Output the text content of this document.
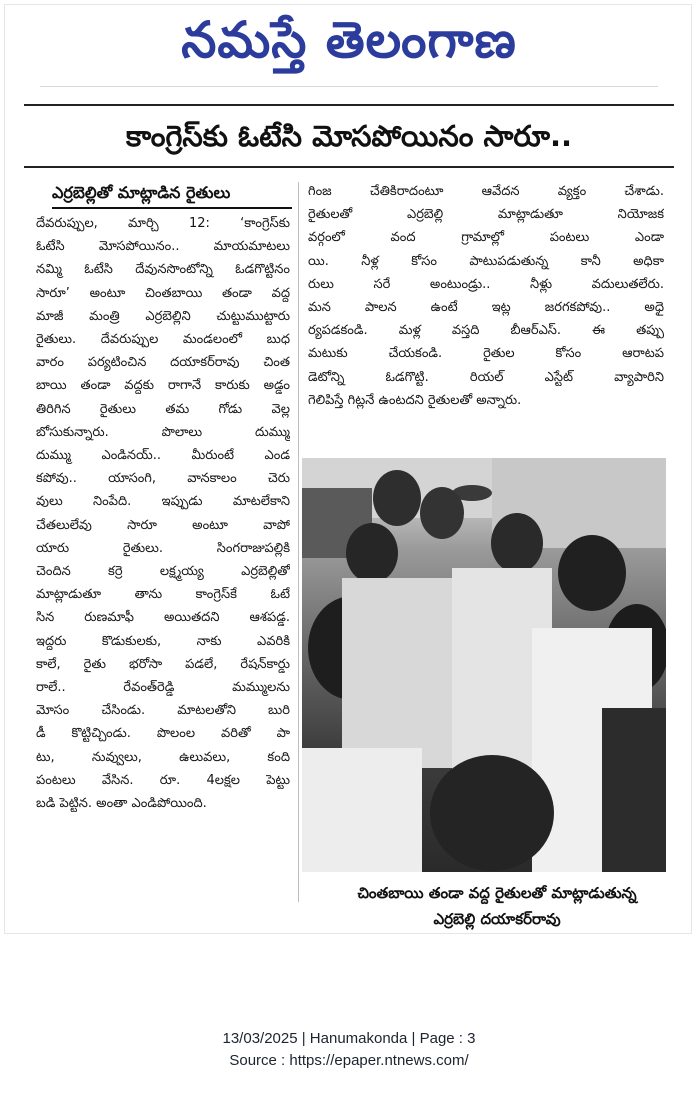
నమస్తే తెలంగాణ
కాంగ్రెస్‌కు ఓటేసి మోసపోయినం సారూ..
ఎర్రబెల్లితో మాట్లాడిన రైతులు
దేవరుప్పుల, మార్చి 12: ‘కాంగ్రెస్‌కు
ఓటేసి మోసపోయినం.. మాయమాటలు
నమ్మి ఓటేసి దేవునసొంటోన్ని ఓడగొట్టినం
సారూ’ అంటూ చింతబాయి తండా వద్ద
మాజీ మంత్రి ఎర్రబెల్లిని చుట్టుముట్టారు
రైతులు. దేవరుప్పుల మండలంలో బుధ
వారం పర్యటించిన దయాకర్‌రావు చింత
బాయి తండా వద్దకు రాగానే కారుకు అడ్డం
తిరిగిన రైతులు తమ గోడు వెల్ల
బోసుకున్నారు. పొలాలు దుమ్ము
దుమ్ము ఎండినయ్.. మీరుంటే ఎండ
కపోవు.. యాసంగి, వానకాలం చెరు
వులు నింపేది. ఇప్పుడు మాటలేకాని
చేతలులేవు సారూ అంటూ వాపో
యారు రైతులు. సింగరాజుపల్లికి
చెందిన కర్రె లక్ష్మయ్య ఎర్రబెల్లితో
మాట్లాడుతూ తాను కాంగ్రెస్‌కే ఓటే
సిన రుణమాఫీ అయితదని ఆశపడ్డ.
ఇద్దరు కొడుకులకు, నాకు ఎవరికి
కాలే, రైతు భరోసా పడలే, రేషన్‌కార్డు
రాలే.. రేవంత్‌రెడ్డి మమ్ములను
మోసం చేసిండు. మాటలతోని బురి
డీ కొట్టిచ్చిండు. పొలంల వరితో పా
టు, నువ్వులు, ఉలువలు, కంది
పంటలు వేసిన. రూ. 4లక్షల పెట్టు
బడి పెట్టిన. అంతా ఎండిపోయింది.
గింజ చేతికిరాదంటూ ఆవేదన వ్యక్తం చేశాడు.
రైతులతో ఎర్రబెల్లి మాట్లాడుతూ నియోజక
వర్గంలో వంద గ్రామాల్లో పంటలు ఎండా
యి. నీళ్ల కోసం పాటుపడుతున్న కానీ అధికా
రులు సరే అంటుండ్రు.. నీళ్లు వదులుతలేరు.
మన పాలన ఉంటే ఇట్ల జరగకపోవు.. అధై
ర్యపడకండి. మళ్ల వస్తది బీఆర్‌ఎస్. ఈ తప్పు
మటుకు చేయకండి. రైతుల కోసం ఆరాటప
డెటోన్ని ఓడగొట్టి. రియల్ ఎస్టేట్ వ్యాపారిని
గెలిపిస్తే గిట్లనే ఉంటదని రైతులతో అన్నారు.
చింతబాయి తండా వద్ద రైతులతో మాట్లాడుతున్న
ఎర్రబెల్లి దయాకర్‌రావు
13/03/2025 | Hanumakonda | Page : 3
Source : https://epaper.ntnews.com/
